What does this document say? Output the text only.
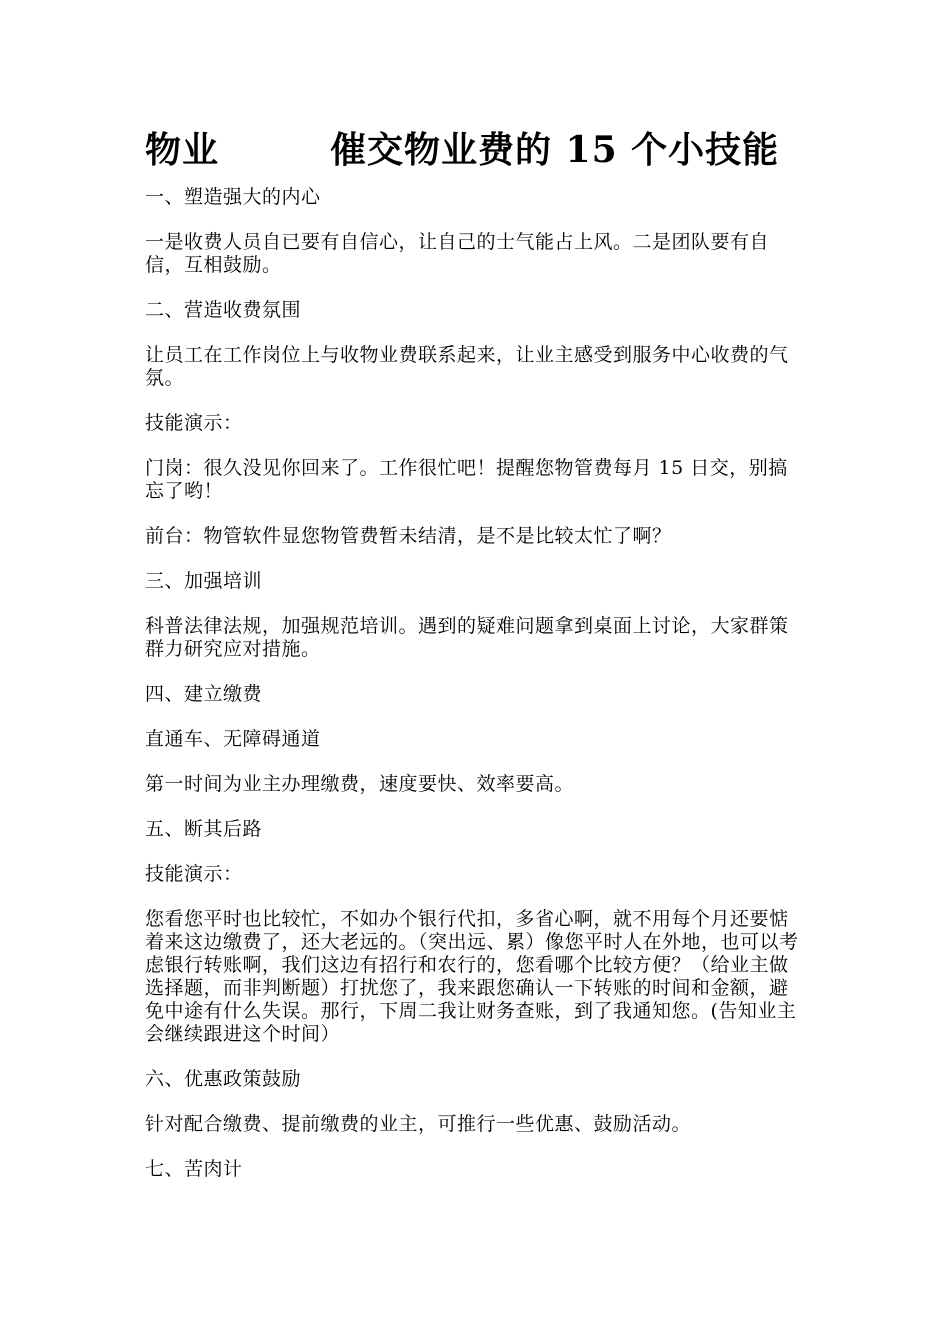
物业　　　催交物业费的 15 个小技能

一、塑造强大的内心

一是收费人员自已要有自信心，让自己的士气能占上风。二是团队要有自信，互相鼓励。

二、营造收费氛围

让员工在工作岗位上与收物业费联系起来，让业主感受到服务中心收费的气氛。

技能演示：

门岗：很久没见你回来了。工作很忙吧！提醒您物管费每月 15 日交，别搞忘了哟！

前台：物管软件显您物管费暂未结清，是不是比较太忙了啊？

三、加强培训

科普法律法规，加强规范培训。遇到的疑难问题拿到桌面上讨论，大家群策群力研究应对措施。

四、建立缴费

直通车、无障碍通道

第一时间为业主办理缴费，速度要快、效率要高。

五、断其后路

技能演示：

您看您平时也比较忙，不如办个银行代扣，多省心啊，就不用每个月还要惦着来这边缴费了，还大老远的。（突出远、累）像您平时人在外地，也可以考虑银行转账啊，我们这边有招行和农行的，您看哪个比较方便？（给业主做选择题，而非判断题）打扰您了，我来跟您确认一下转账的时间和金额，避免中途有什么失误。那行，下周二我让财务查账，到了我通知您。(告知业主会继续跟进这个时间）

六、优惠政策鼓励

针对配合缴费、提前缴费的业主，可推行一些优惠、鼓励活动。

七、苦肉计
